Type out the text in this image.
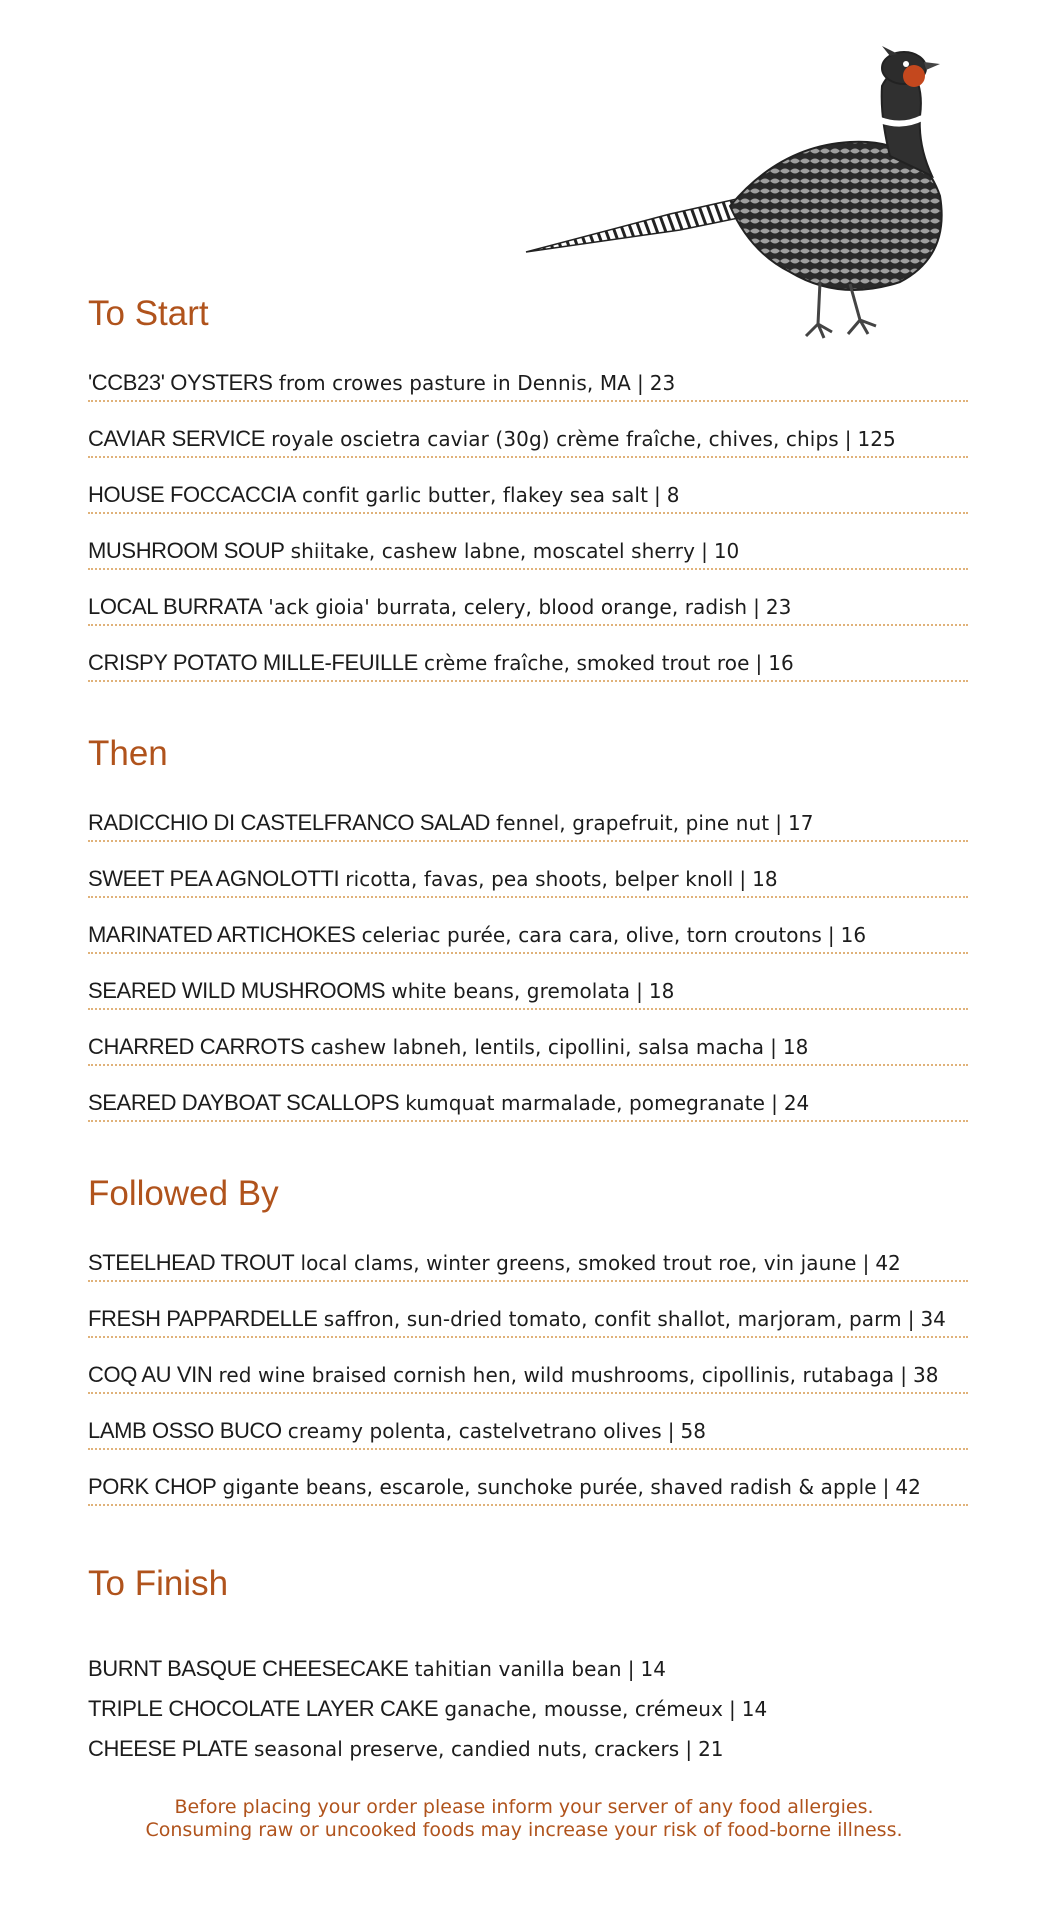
To Start
'CCB23' OYSTERS from crowes pasture in Dennis, MA | 23
CAVIAR SERVICE royale oscietra caviar (30g) crème fraîche, chives, chips | 125
HOUSE FOCCACCIA confit garlic butter, flakey sea salt | 8
MUSHROOM SOUP shiitake, cashew labne, moscatel sherry | 10
LOCAL BURRATA 'ack gioia' burrata, celery, blood orange, radish | 23
CRISPY POTATO MILLE-FEUILLE crème fraîche, smoked trout roe | 16
Then
RADICCHIO DI CASTELFRANCO SALAD fennel, grapefruit, pine nut | 17
SWEET PEA AGNOLOTTI ricotta, favas, pea shoots, belper knoll | 18
MARINATED ARTICHOKES celeriac purée, cara cara, olive, torn croutons | 16
SEARED WILD MUSHROOMS white beans, gremolata | 18
CHARRED CARROTS cashew labneh, lentils, cipollini, salsa macha | 18
SEARED DAYBOAT SCALLOPS kumquat marmalade, pomegranate | 24
Followed By
STEELHEAD TROUT local clams, winter greens, smoked trout roe, vin jaune | 42
FRESH PAPPARDELLE saffron, sun-dried tomato, confit shallot, marjoram, parm | 34
COQ AU VIN red wine braised cornish hen, wild mushrooms, cipollinis, rutabaga | 38
LAMB OSSO BUCO creamy polenta, castelvetrano olives | 58
PORK CHOP gigante beans, escarole, sunchoke purée, shaved radish & apple | 42
To Finish
BURNT BASQUE CHEESECAKE tahitian vanilla bean | 14
TRIPLE CHOCOLATE LAYER CAKE ganache, mousse, crémeux | 14
CHEESE PLATE seasonal preserve, candied nuts, crackers | 21
Before placing your order please inform your server of any food allergies.
Consuming raw or uncooked foods may increase your risk of food-borne illness.
